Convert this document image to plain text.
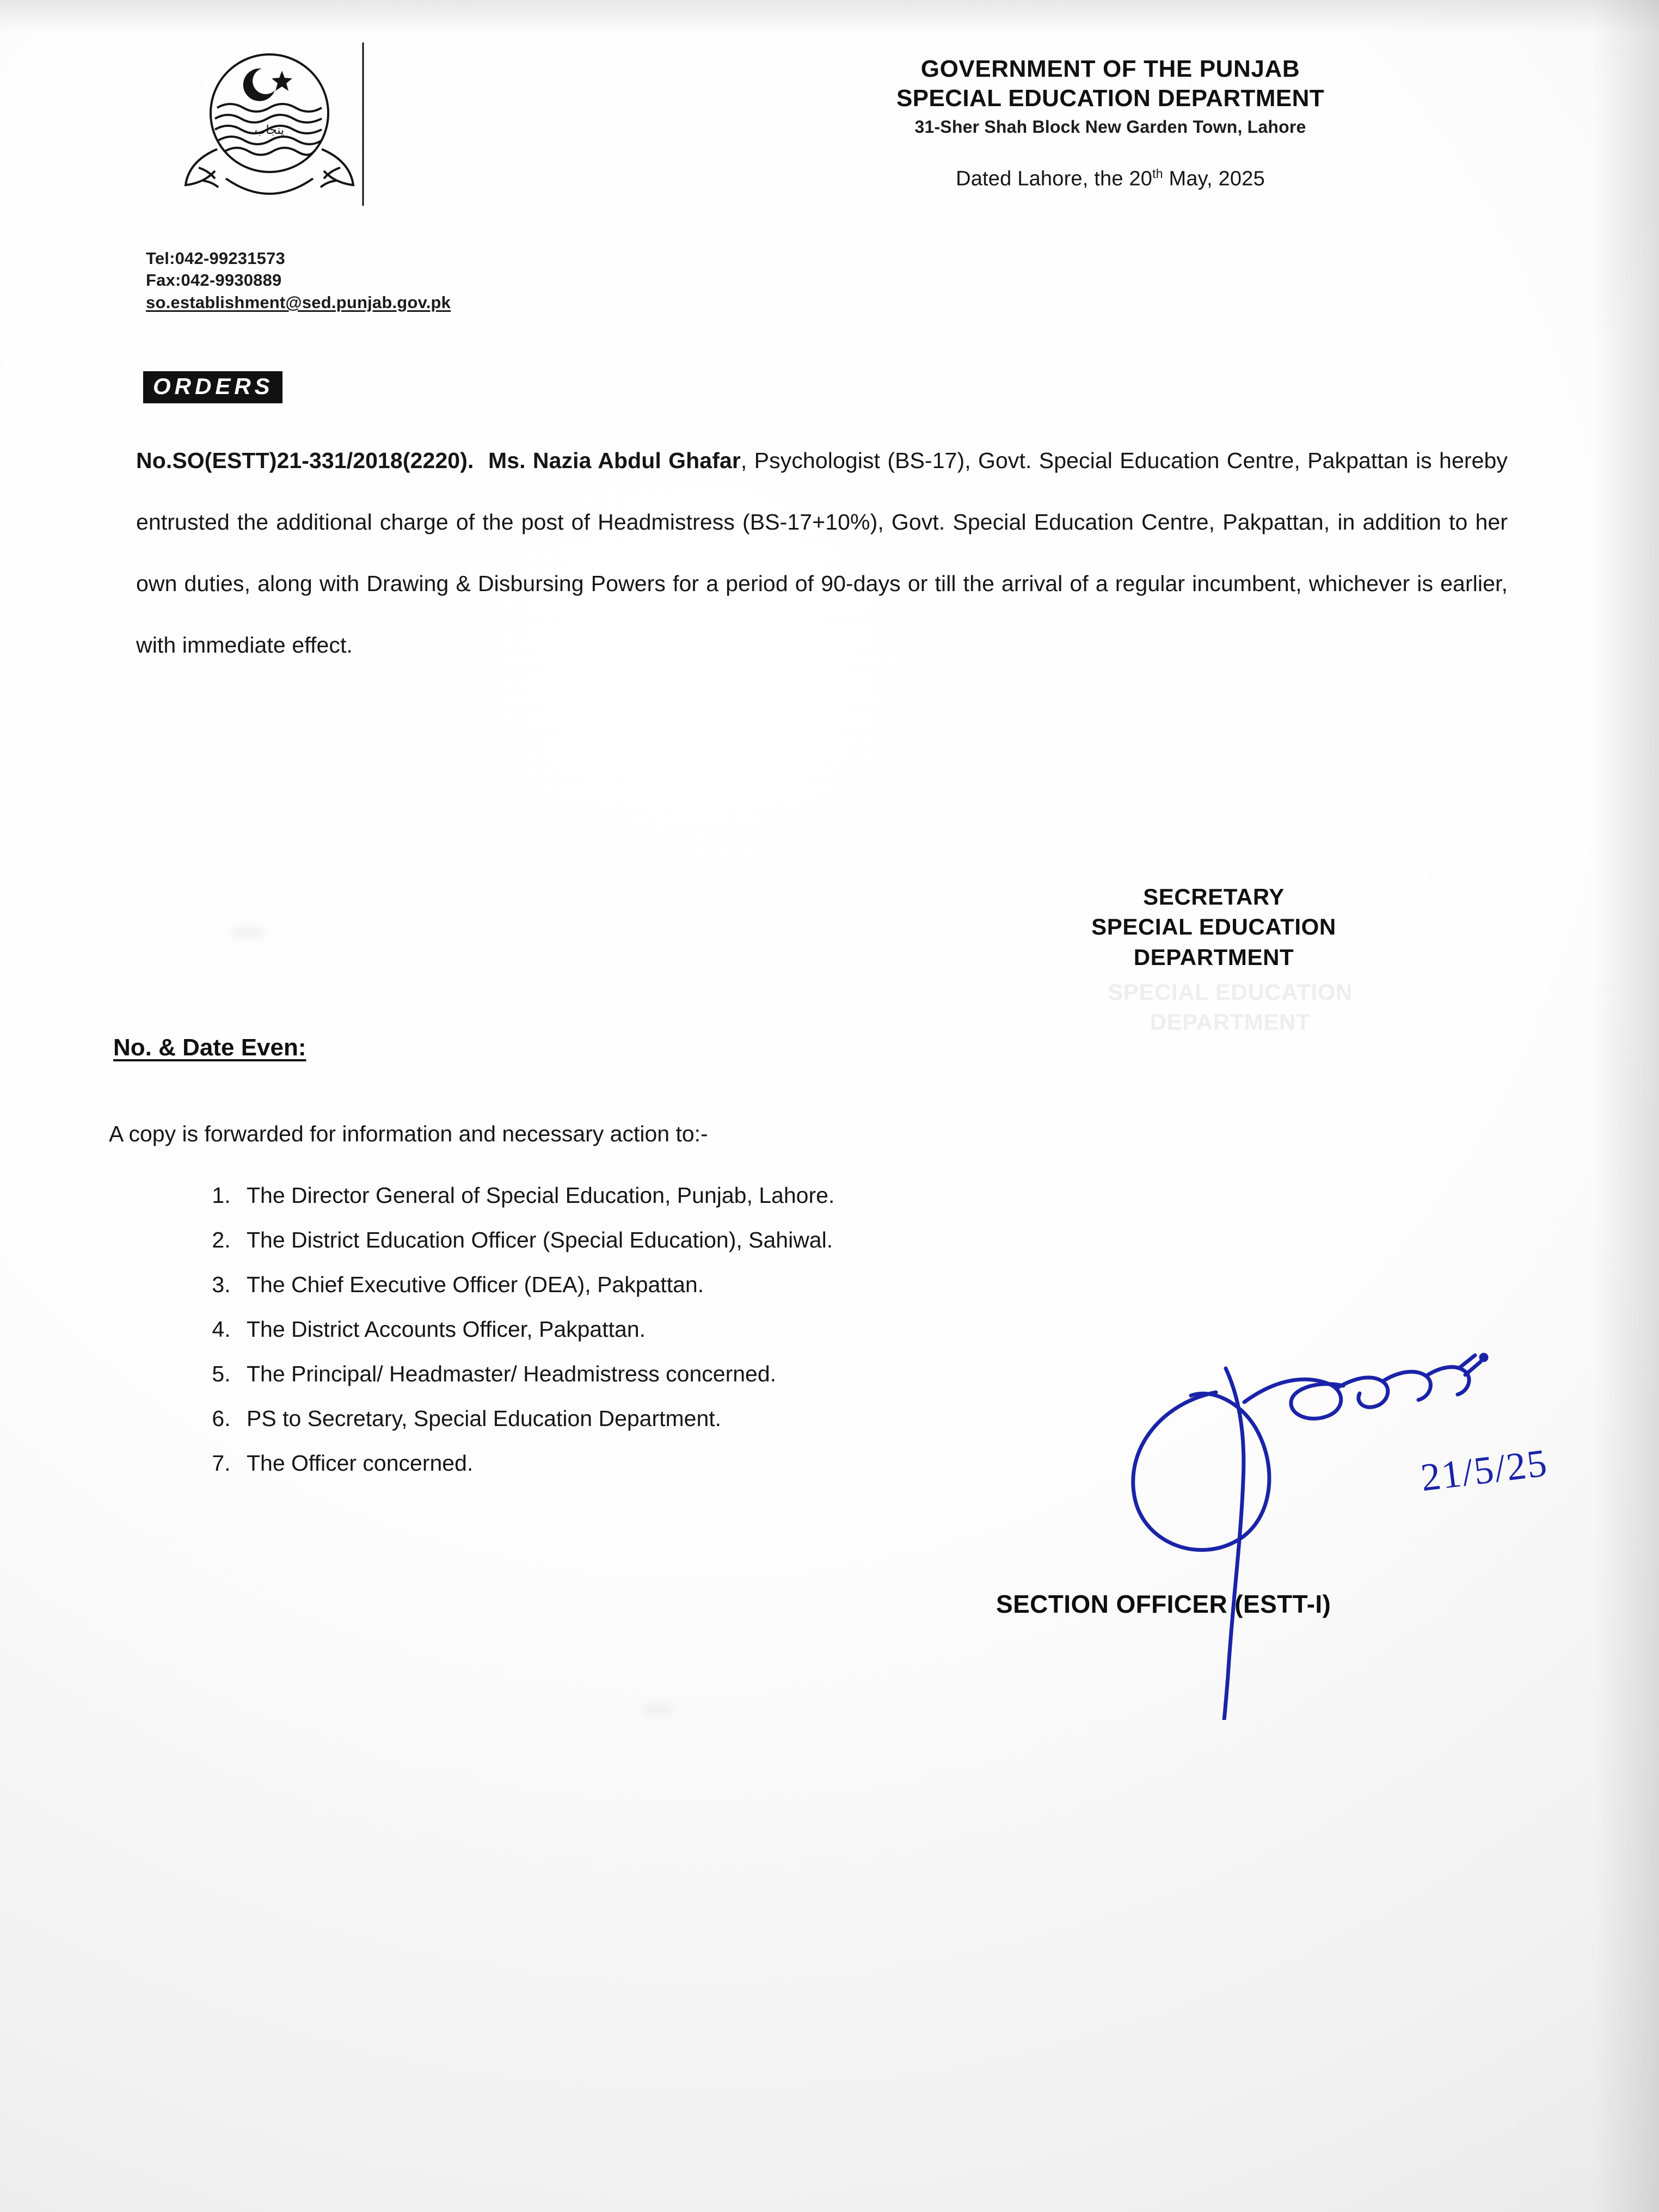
پنجاب
Tel:042-99231573
Fax:042-9930889
so.establishment@sed.punjab.gov.pk
GOVERNMENT OF THE PUNJAB
SPECIAL EDUCATION DEPARTMENT
31-Sher Shah Block New Garden Town, Lahore
Dated Lahore, the 20th May, 2025
ORDERS
No.SO(ESTT)21-331/2018(2220). Ms. Nazia Abdul Ghafar, Psychologist (BS-17), Govt. Special Education Centre, Pakpattan is hereby entrusted the additional charge of the post of Headmistress (BS-17+10%), Govt. Special Education Centre, Pakpattan, in addition to her own duties, along with Drawing & Disbursing Powers for a period of 90-days or till the arrival of a regular incumbent, whichever is earlier, with immediate effect.
SECRETARY
SPECIAL EDUCATION
DEPARTMENT
SPECIAL EDUCATION
DEPARTMENT
No. & Date Even:
A copy is forwarded for information and necessary action to:-
1. The Director General of Special Education, Punjab, Lahore.
2. The District Education Officer (Special Education), Sahiwal.
3. The Chief Executive Officer (DEA), Pakpattan.
4. The District Accounts Officer, Pakpattan.
5. The Principal/ Headmaster/ Headmistress concerned.
6. PS to Secretary, Special Education Department.
7. The Officer concerned.	21/5/25
SECTION OFFICER (ESTT-I)
